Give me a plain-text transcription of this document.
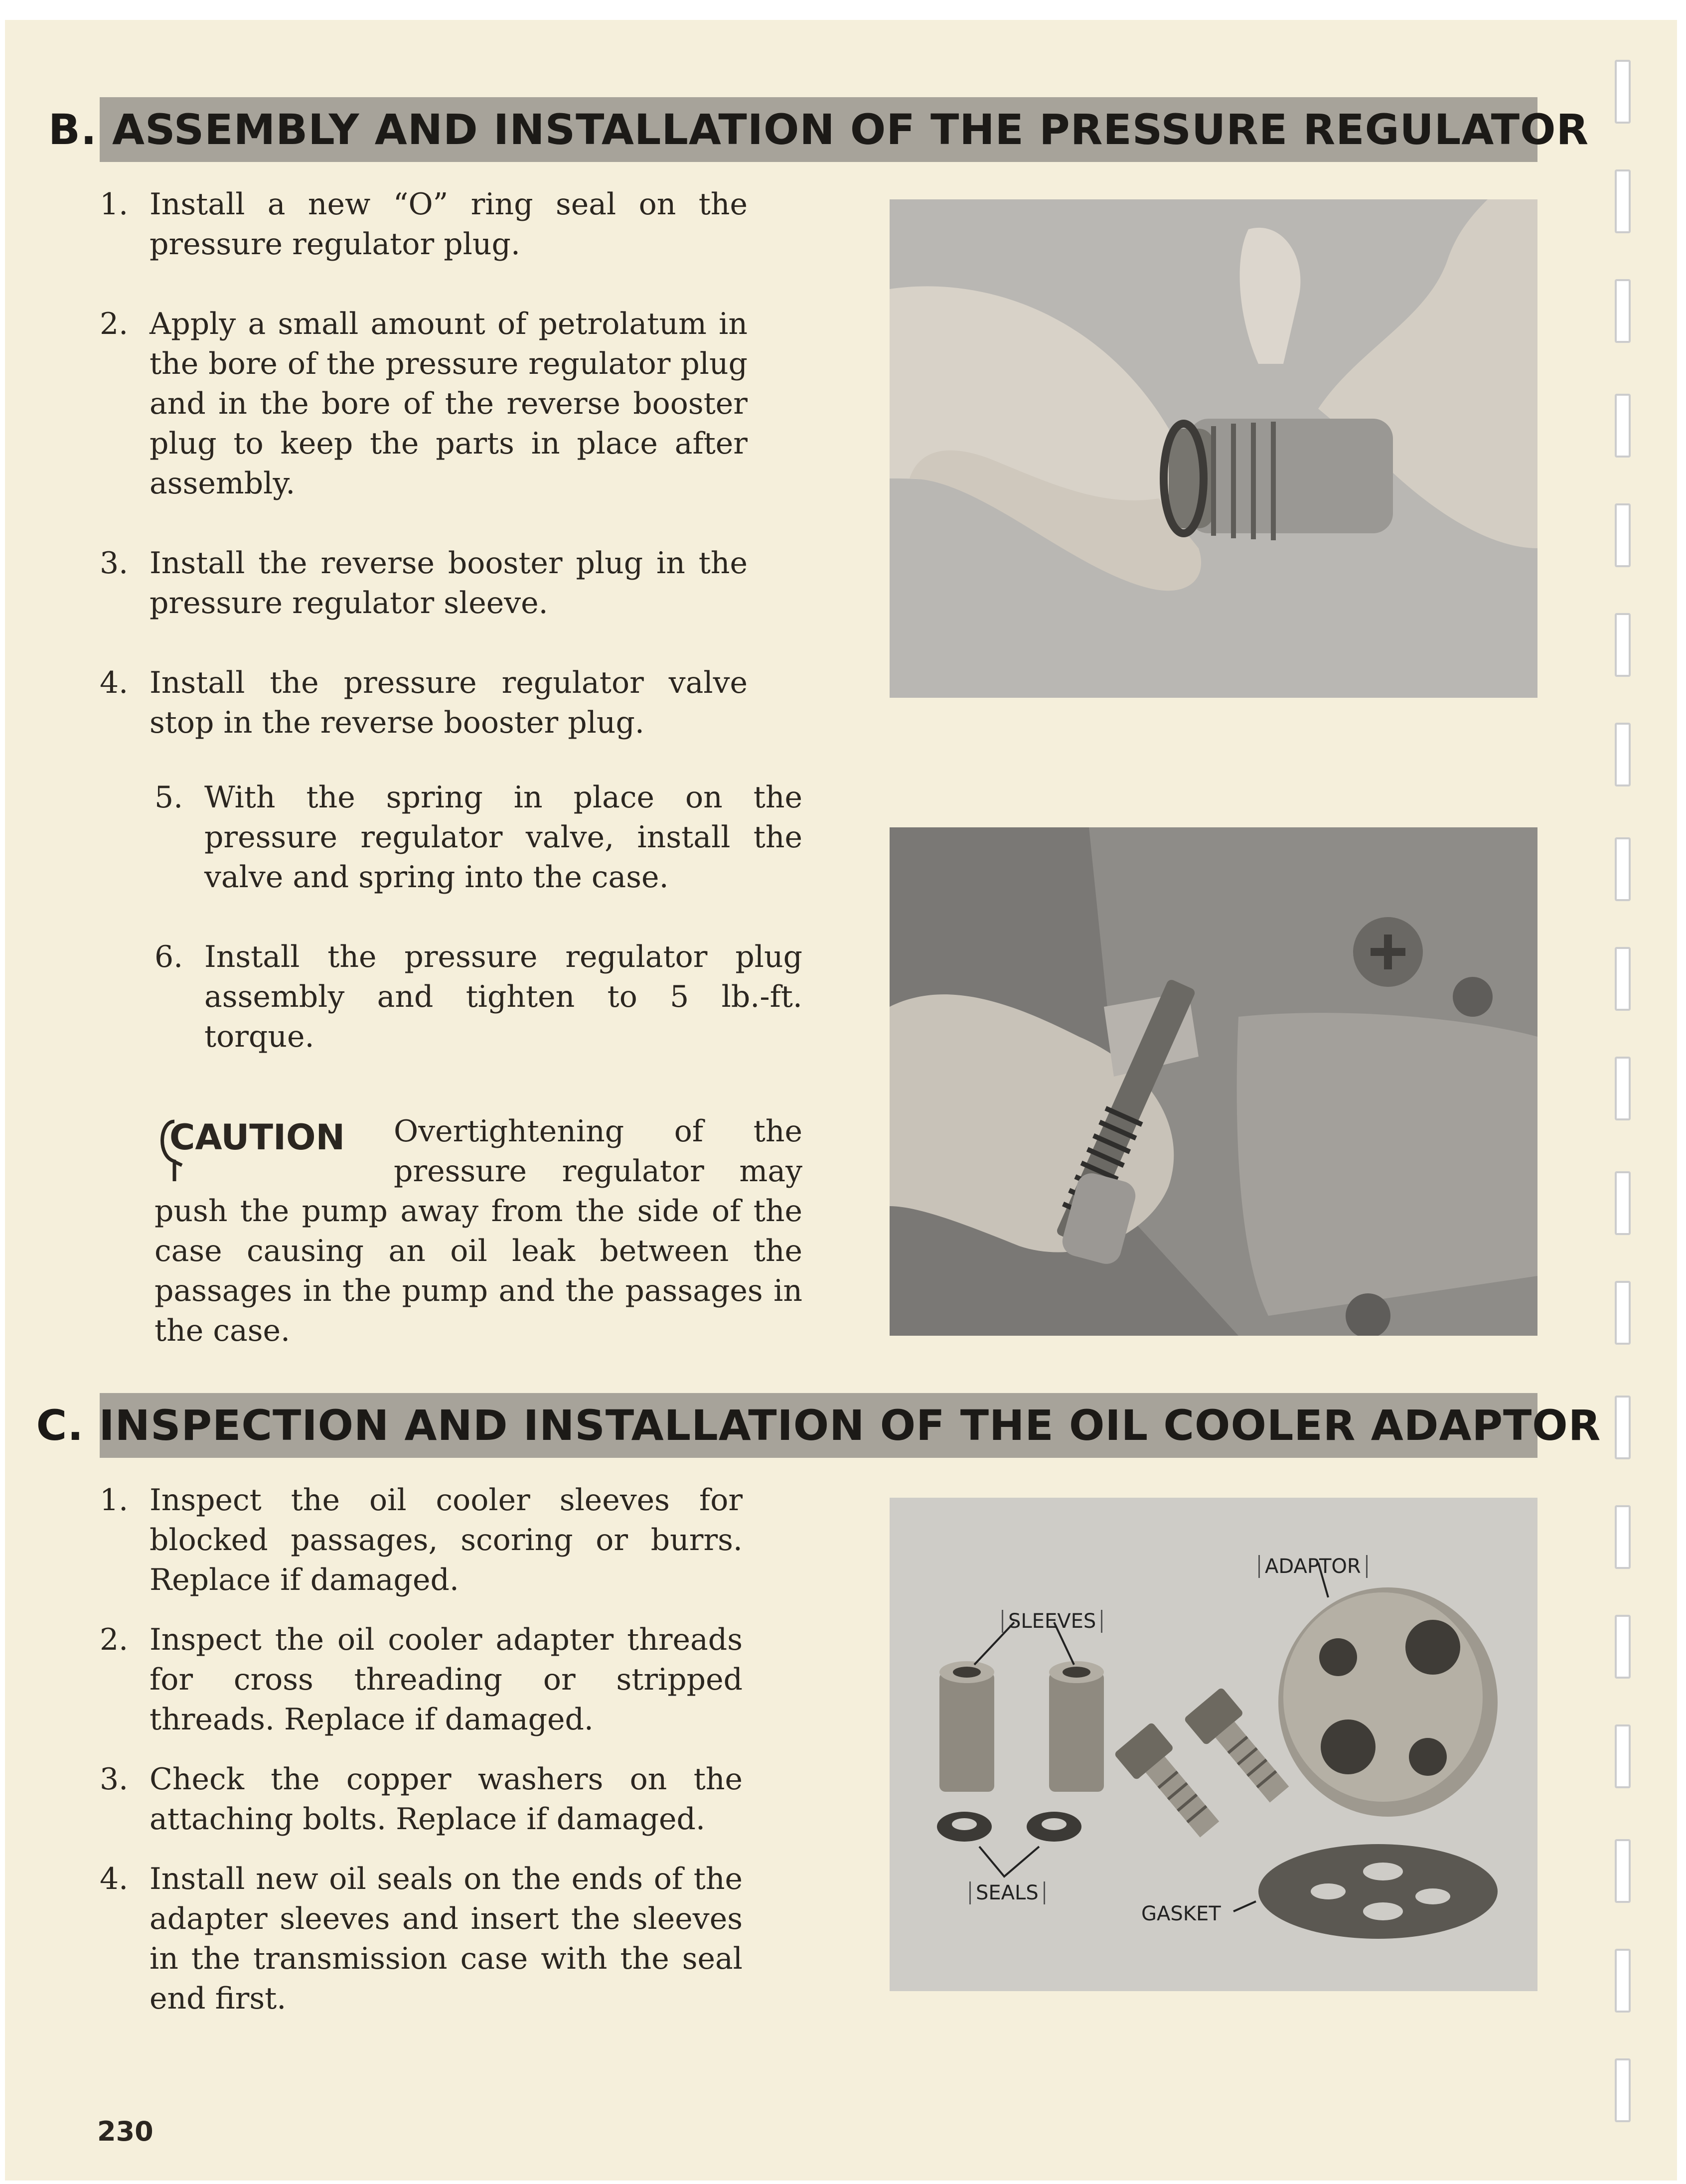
B. ASSEMBLY AND INSTALLATION OF THE PRESSURE REGULATOR
1. Install a new “O” ring seal on the pressure regulator plug.
2. Apply a small amount of petrolatum in the bore of the pressure regulator plug and in the bore of the reverse booster plug to keep the parts in place after assembly.
3. Install the reverse booster plug in the pressure regulator sleeve.
4. Install the pressure regulator valve stop in the reverse booster plug.
5. With the spring in place on the pressure regulator valve, install the valve and spring into the case.
6. Install the pressure regulator plug assembly and tighten to 5 lb.-ft. torque.
CAUTION Overtightening of the pressure regulator may push the pump away from the side of the case causing an oil leak between the passages in the pump and the passages in the case.
C. INSPECTION AND INSTALLATION OF THE OIL COOLER ADAPTOR
1. Inspect the oil cooler sleeves for blocked passages, scoring or burrs. Replace if damaged.
2. Inspect the oil cooler adapter threads for cross threading or stripped threads. Replace if damaged.
3. Check the copper washers on the attaching bolts. Replace if damaged.
4. Install new oil seals on the ends of the adapter sleeves and insert the sleeves in the transmission case with the seal end first.
ADAPTOR
SLEEVES
SEALS
GASKET
230
